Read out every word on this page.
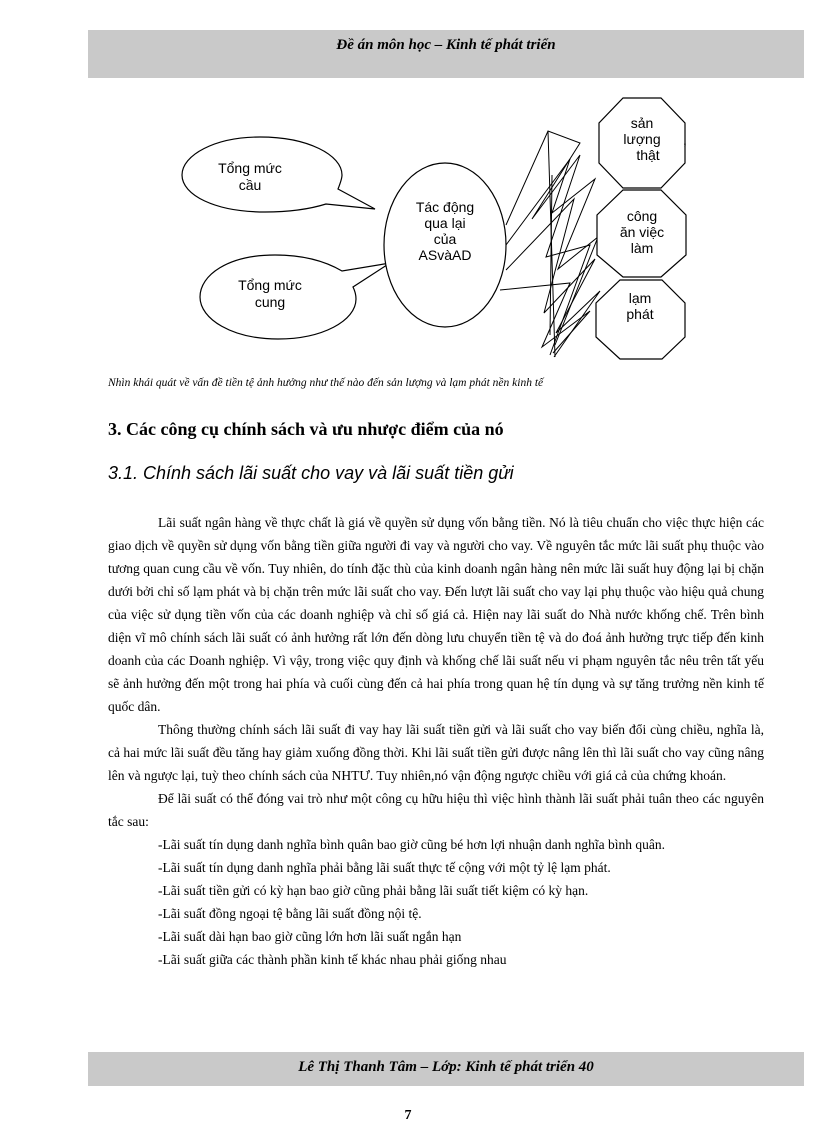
Đề án môn học – Kinh tế phát triển
Tổng mức
cầu
Tổng mức
cung
Tác động
qua lại
của
ASvàAD
sản
lượng
thật
,
công
ăn việc
làm
lạm
phát
Nhìn khái quát về vấn đề tiền tệ ảnh hưởng như thế nào đến sản lượng và lạm phát nền kinh tế
3. Các công cụ chính sách và ưu nhược điểm của nó
3.1. Chính sách lãi suất cho vay và lãi suất tiền gửi

Lãi suất ngân hàng về thực chất là giá về quyền sử dụng vốn bằng tiền. Nó là tiêu chuẩn cho việc thực hiện các giao dịch về quyền sử dụng vốn bằng tiền giữa người đi vay và người cho vay. Về nguyên tắc mức lãi suất phụ thuộc vào tương quan cung cầu về vốn. Tuy nhiên, do tính đặc thù của kinh doanh ngân hàng nên mức lãi suất huy động lại bị chặn dưới bởi chỉ số lạm phát và bị chặn trên mức lãi suất cho vay. Đến lượt lãi suất cho vay lại phụ thuộc vào hiệu quả chung của việc sử dụng tiền vốn của các doanh nghiệp và chỉ số giá cả. Hiện nay lãi suất do Nhà nước khống chế. Trên bình diện vĩ mô chính sách lãi suất có ảnh hưởng rất lớn đến dòng lưu chuyển tiền tệ và do đoá ảnh hưởng trực tiếp đến kinh doanh của các Doanh nghiệp. Vì vậy, trong việc quy định và khống chế lãi suất nếu vi phạm nguyên tắc nêu trên tất yếu sẽ ảnh hưởng đến một trong hai phía và cuối cùng đến cả hai phía trong quan hệ tín dụng và sự tăng trưởng nền kinh tế quốc dân.

Thông thường chính sách lãi suất đi vay hay lãi suất tiền gửi và lãi suất cho vay biến đổi cùng chiều, nghĩa là, cả hai mức lãi suất đều tăng hay giảm xuống đồng thời. Khi lãi suất tiền gửi được nâng lên thì lãi suất cho vay cũng nâng lên và ngược lại, tuỳ theo chính sách của NHTƯ. Tuy nhiên,nó vận động ngược chiều với giá cả của chứng khoán.

Để lãi suất có thể đóng vai trò như một công cụ hữu hiệu thì việc hình thành lãi suất phải tuân theo các nguyên tắc sau:

-Lãi suất tín dụng danh nghĩa bình quân bao giờ cũng bé hơn lợi nhuận danh nghĩa bình quân.

-Lãi suất tín dụng danh nghĩa phải bằng lãi suất thực tế cộng với một tỷ lệ lạm phát.

-Lãi suất tiền gửi có kỳ hạn bao giờ cũng phải bằng lãi suất tiết kiệm có kỳ hạn.

-Lãi suất đồng ngoại tệ bằng lãi suất đồng nội tệ.

-Lãi suất dài hạn bao giờ cũng lớn hơn lãi suất ngắn hạn

-Lãi suất giữa các thành phần kinh tế khác nhau phải giống nhau

Lê Thị Thanh Tâm – Lớp: Kinh tế phát triển 40
7
